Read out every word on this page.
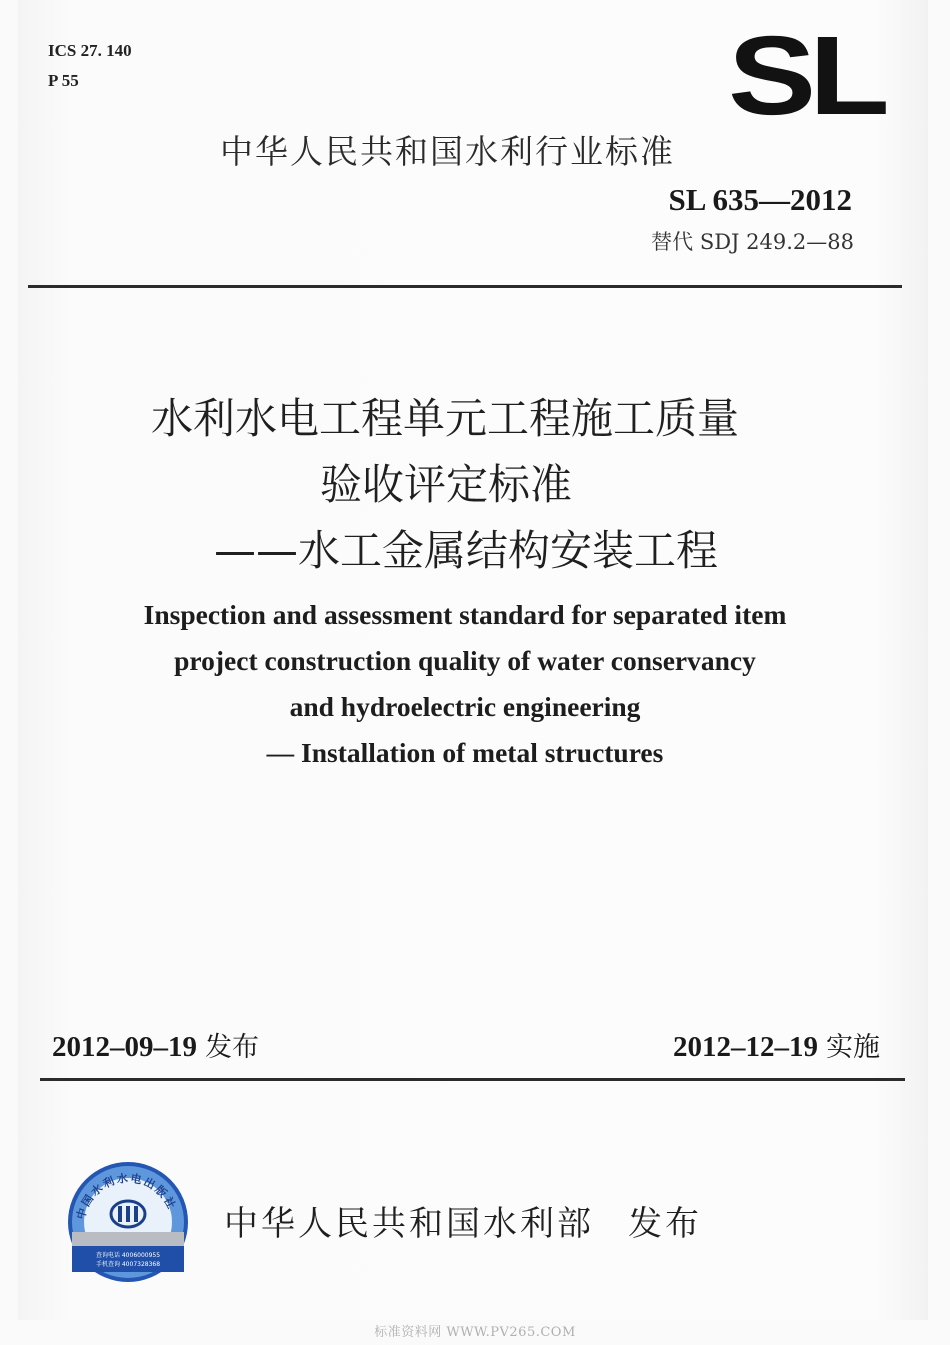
ICS 27. 140
P 55	SL
中华人民共和国水利行业标准
SL 635—2012
替代 SDJ 249.2—88
水利水电工程单元工程施工质量
验收评定标准
——水工金属结构安装工程
Inspection and assessment standard for separated item
project construction quality of water conservancy
and hydroelectric engineering
— Installation of metal structures
2012–09–19 发布	2012–12–19 实施
中国水利水电出版社
查询电话 4006000955
手机查询 4007328368
中华人民共和国水利部 发布
标准资料网 WWW.PV265.COM
